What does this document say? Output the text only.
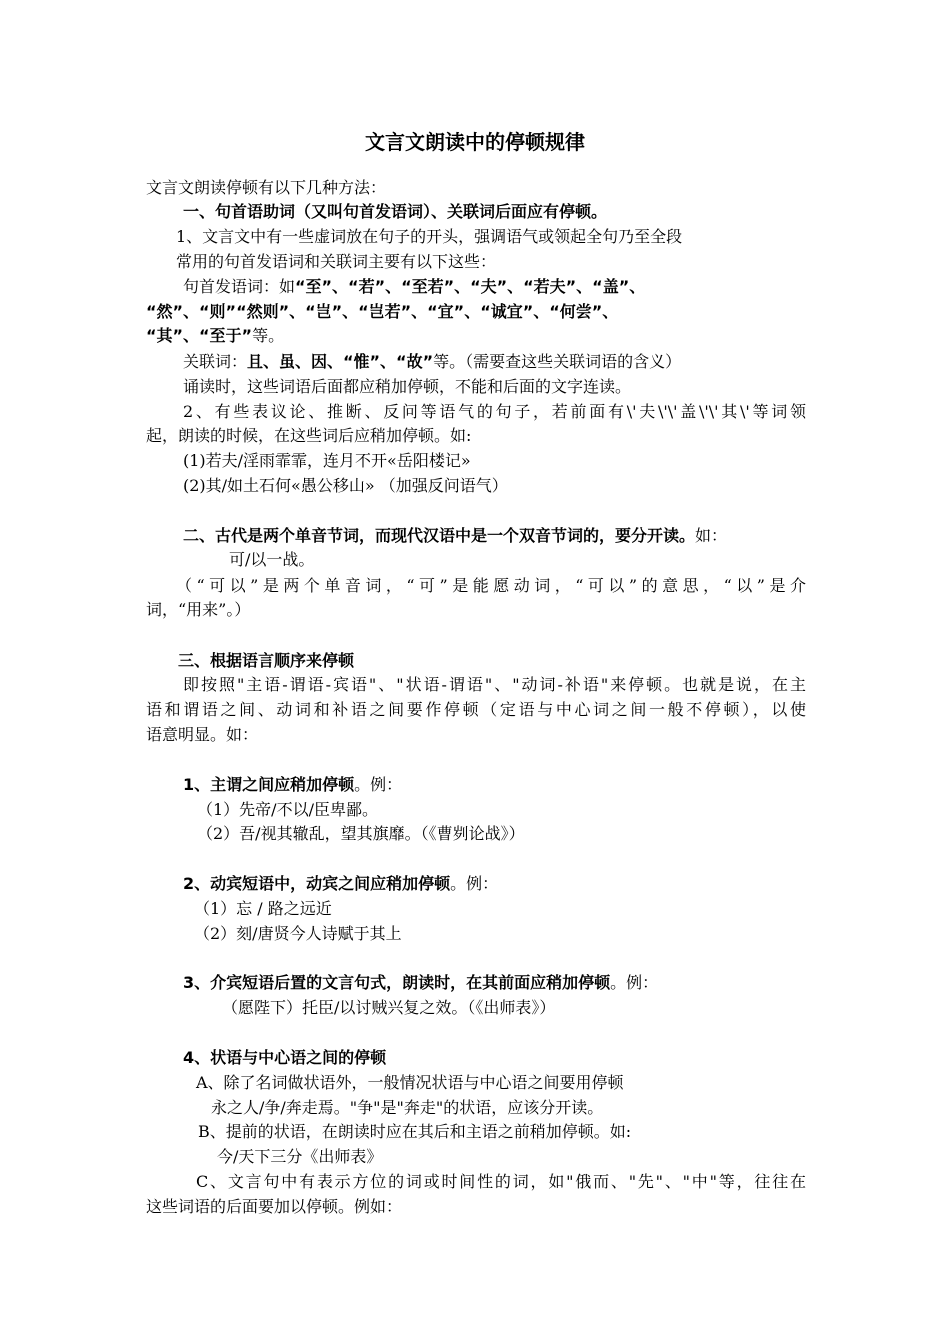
文言文朗读中的停顿规律
文言文朗读停顿有以下几种方法：
一、句首语助词（又叫句首发语词）、关联词后面应有停顿。
1、文言文中有一些虚词放在句子的开头，强调语气或领起全句乃至全段
常用的句首发语词和关联词主要有以下这些：
句首发语词：如“至”、“若”、“至若”、“夫”、“若夫”、“盖”、
“然”、“则”“然则”、“岂”、“岂若”、“宜”、“诚宜”、“何尝”、
“其”、“至于”等。
关联词：且、虽、因、“惟”、“故”等。（需要查这些关联词语的含义）
诵读时，这些词语后面都应稍加停顿，不能和后面的文字连读。
2、有些表议论、推断、反问等语气的句子，若前面有\'夫\'\'盖\'\'其\'等词领
起，朗读的时候，在这些词后应稍加停顿。如:
(1)若夫/淫雨霏霏，连月不开«岳阳楼记»
(2)其/如土石何«愚公移山» （加强反问语气）
二、古代是两个单音节词，而现代汉语中是一个双音节词的，要分开读。如：
可/以一战。
（“可以”是两个单音词，“可”是能愿动词，“可以”的意思，“以”是介
词，“用来”。）
三、根据语言顺序来停顿
即按照"主语-谓语-宾语"、"状语-谓语"、"动词-补语"来停顿。也就是说，在主
语和谓语之间、动词和补语之间要作停顿（定语与中心词之间一般不停顿），以使
语意明显。如：
1、主谓之间应稍加停顿。例：
（1）先帝/不以/臣卑鄙。
（2）吾/视其辙乱，望其旗靡。（《曹刿论战》）
2、动宾短语中，动宾之间应稍加停顿。例：
（1）忘 / 路之远近
（2）刻/唐贤今人诗赋于其上
3、介宾短语后置的文言句式，朗读时，在其前面应稍加停顿。例：
（愿陛下）托臣/以讨贼兴复之效。（《出师表》）
4、状语与中心语之间的停顿
A、除了名词做状语外，一般情况状语与中心语之间要用停顿
永之人/争/奔走焉。"争"是"奔走"的状语，应该分开读。
B、提前的状语，在朗读时应在其后和主语之前稍加停顿。如:
今/天下三分《出师表》
C、文言句中有表示方位的词或时间性的词，如"俄而、"先"、"中"等，往往在
这些词语的后面要加以停顿。例如：
